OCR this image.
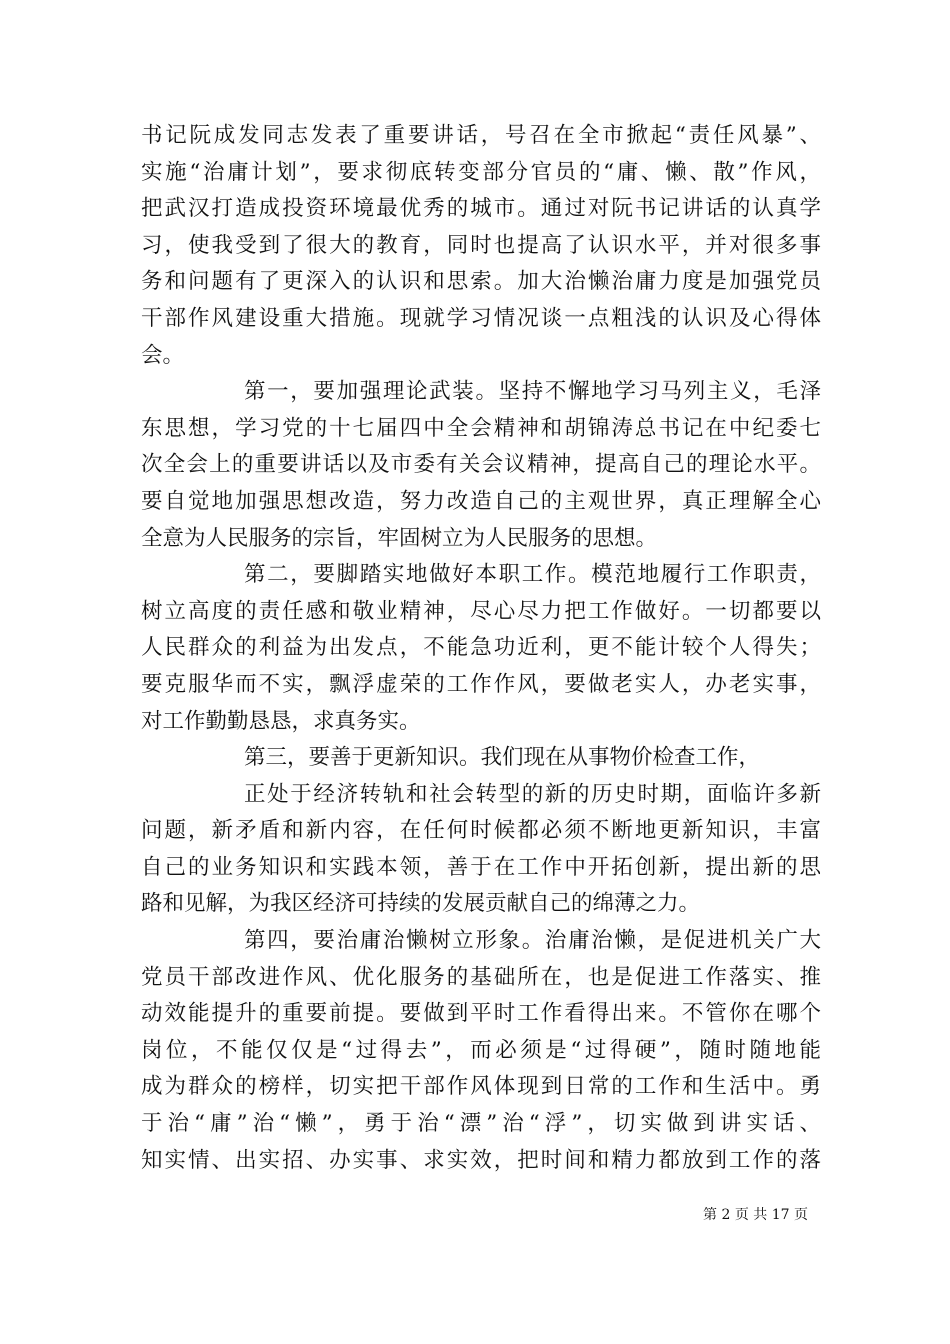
书记阮成发同志发表了重要讲话，号召在全市掀起“责任风暴”、
实施“治庸计划”，要求彻底转变部分官员的“庸、懒、散”作风，
把武汉打造成投资环境最优秀的城市。通过对阮书记讲话的认真学
习，使我受到了很大的教育，同时也提高了认识水平，并对很多事
务和问题有了更深入的认识和思索。加大治懒治庸力度是加强党员
干部作风建设重大措施。现就学习情况谈一点粗浅的认识及心得体
会。
第一，要加强理论武装。坚持不懈地学习马列主义，毛泽
东思想，学习党的十七届四中全会精神和胡锦涛总书记在中纪委七
次全会上的重要讲话以及市委有关会议精神，提高自己的理论水平。
要自觉地加强思想改造，努力改造自己的主观世界，真正理解全心
全意为人民服务的宗旨，牢固树立为人民服务的思想。
第二，要脚踏实地做好本职工作。模范地履行工作职责，
树立高度的责任感和敬业精神，尽心尽力把工作做好。一切都要以
人民群众的利益为出发点，不能急功近利，更不能计较个人得失；
要克服华而不实，飘浮虚荣的工作作风，要做老实人，办老实事，
对工作勤勤恳恳，求真务实。
第三，要善于更新知识。我们现在从事物价检查工作，
正处于经济转轨和社会转型的新的历史时期，面临许多新
问题，新矛盾和新内容，在任何时候都必须不断地更新知识，丰富
自己的业务知识和实践本领，善于在工作中开拓创新，提出新的思
路和见解，为我区经济可持续的发展贡献自己的绵薄之力。
第四，要治庸治懒树立形象。治庸治懒，是促进机关广大
党员干部改进作风、优化服务的基础所在，也是促进工作落实、推
动效能提升的重要前提。要做到平时工作看得出来。不管你在哪个
岗位，不能仅仅是“过得去”，而必须是“过得硬”，随时随地能
成为群众的榜样，切实把干部作风体现到日常的工作和生活中。勇
于治“庸”治“懒”，勇于治“漂”治“浮”，切实做到讲实话、
知实情、出实招、办实事、求实效，把时间和精力都放到工作的落
第 2 页 共 17 页
